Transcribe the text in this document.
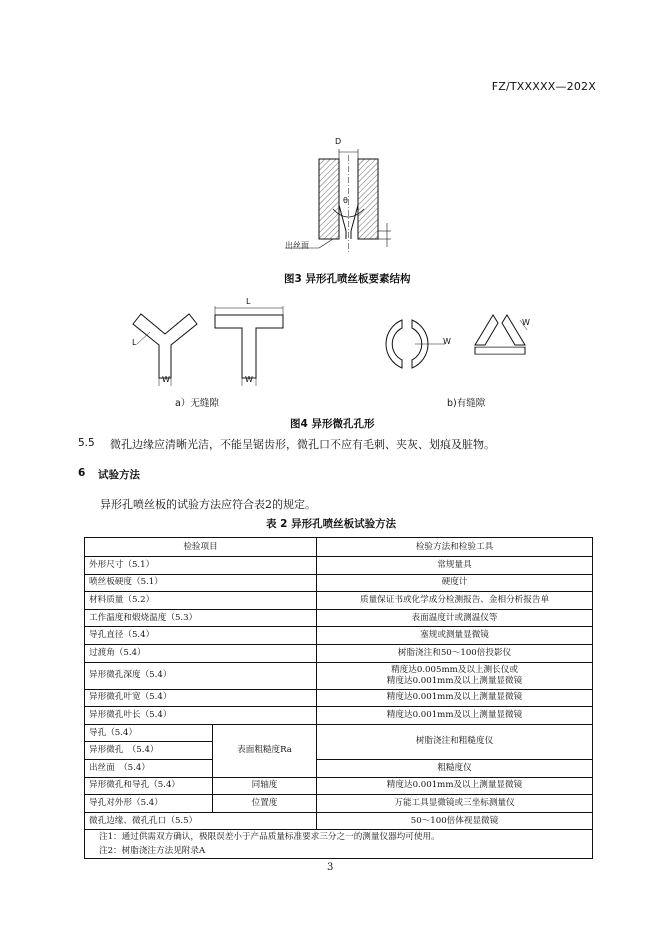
FZ/TXXXXX—202X
D
θ
出丝面
图3 异形孔喷丝板要素结构
L
L
W	W
W
W
a）无缝隙	b)有缝隙
图4 异形微孔孔形
5.5 微孔边缘应清晰光洁，不能呈锯齿形，微孔口不应有毛刺、夹灰、划痕及脏物。
6 试验方法
异形孔喷丝板的试验方法应符合表2的规定。
表 2 异形孔喷丝板试验方法
检验项目		检验方法和检验工具
外形尺寸（5.1）		常规量具
喷丝板硬度（5.1）		硬度计
材料质量（5.2）		质量保证书或化学成分检测报告、金相分析报告单
工作温度和煅烧温度（5.3）		表面温度计或测温仪等
导孔直径（5.4）		塞规或测量显微镜
过渡角（5.4）		树脂浇注和50～100倍投影仪
异形微孔深度（5.4）		精度达0.005mm及以上测长仪或
精度达0.001mm及以上测量显微镜

异形微孔叶宽（5.4）		精度达0.001mm及以上测量显微镜
异形微孔叶长（5.4）		精度达0.001mm及以上测量显微镜
导孔（5.4）	表面粗糙度Ra	树脂浇注和粗糙度仪
异形微孔　（5.4）		
出丝面　（5.4）		粗糙度仪
异形微孔和导孔（5.4）	同轴度	精度达0.001mm及以上测量显微镜
导孔对外形（5.4）	位置度	万能工具显微镜或三坐标测量仪
微孔边缘、微孔孔口（5.5）		50～100倍体视显微镜
注1：通过供需双方确认，极限误差小于产品质量标准要求三分之一的测量仪器均可使用。		
注2：树脂浇注方法见附录A		
3
